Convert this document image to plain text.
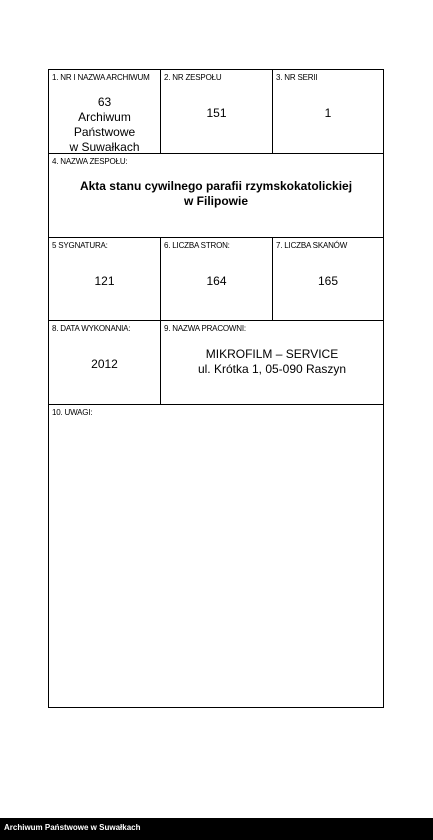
1. NR I NAZWA ARCHIWUM
63
Archiwum Państwowe
w Suwałkach
2. NR ZESPOŁU
151
3. NR SERII
1
4. NAZWA ZESPOŁU:
Akta stanu cywilnego parafii rzymskokatolickiej
w Filipowie
5 SYGNATURA:
121
6. LICZBA STRON:
164
7. LICZBA SKANÓW
165
8. DATA WYKONANIA:
2012
9. NAZWA PRACOWNI:
MIKROFILM – SERVICE
ul. Krótka 1, 05-090 Raszyn
10. UWAGI:
Archiwum Państwowe w Suwałkach
